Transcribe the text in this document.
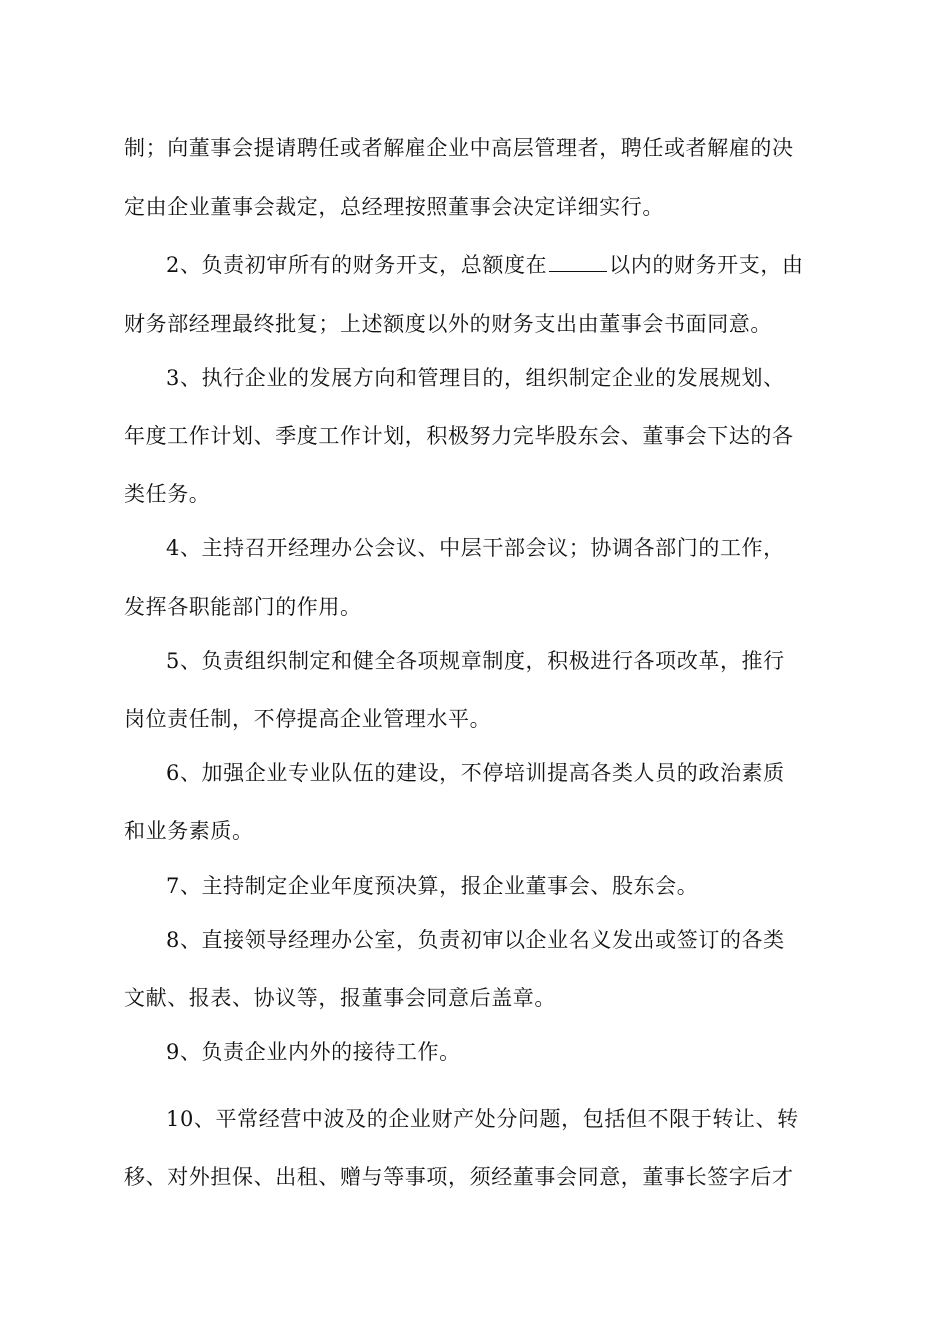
制；向董事会提请聘任或者解雇企业中高层管理者，聘任或者解雇的决
定由企业董事会裁定，总经理按照董事会决定详细实行。
2、负责初审所有的财务开支，总额度在	以内的财务开支，由
财务部经理最终批复；上述额度以外的财务支出由董事会书面同意。
3、执行企业的发展方向和管理目的，组织制定企业的发展规划、
年度工作计划、季度工作计划，积极努力完毕股东会、董事会下达的各
类任务。
4、主持召开经理办公会议、中层干部会议；协调各部门的工作，
发挥各职能部门的作用。
5、负责组织制定和健全各项规章制度，积极进行各项改革，推行
岗位责任制，不停提高企业管理水平。
6、加强企业专业队伍的建设，不停培训提高各类人员的政治素质
和业务素质。
7、主持制定企业年度预决算，报企业董事会、股东会。
8、直接领导经理办公室，负责初审以企业名义发出或签订的各类
文献、报表、协议等，报董事会同意后盖章。
9、负责企业内外的接待工作。
10、平常经营中波及的企业财产处分问题，包括但不限于转让、转
移、对外担保、出租、赠与等事项，须经董事会同意，董事长签字后才
